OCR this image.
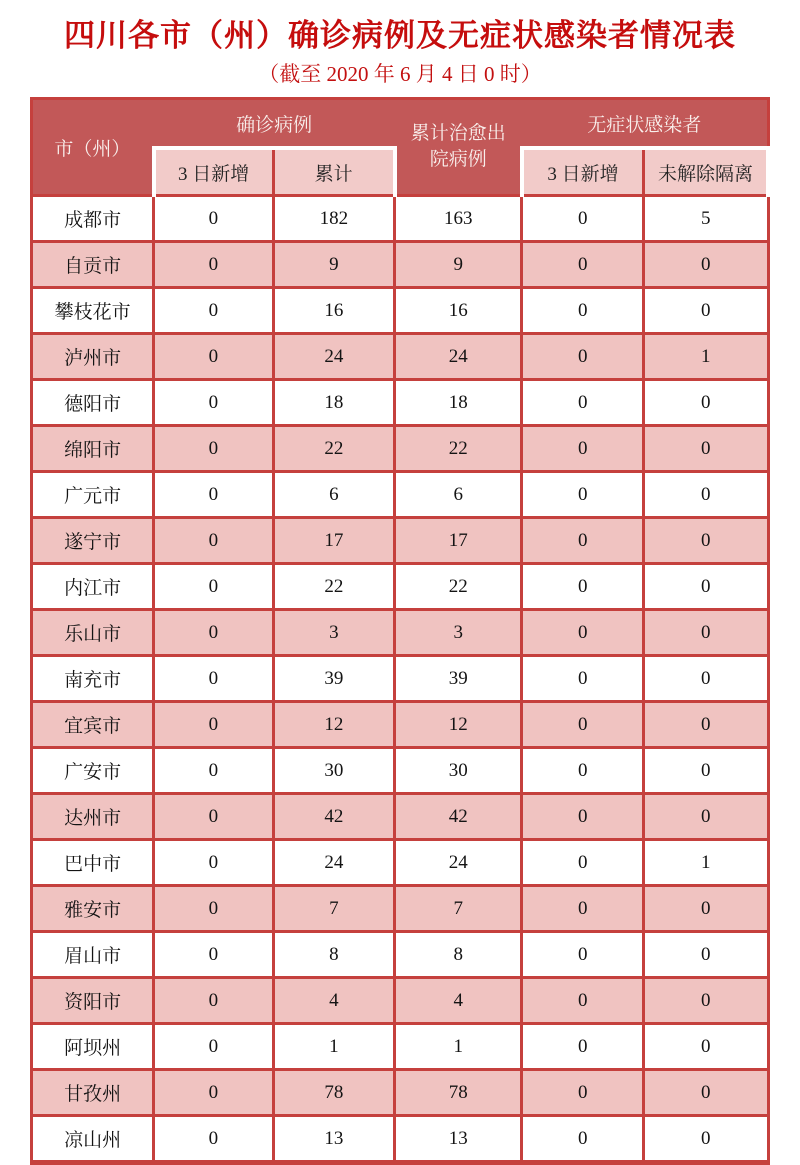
四川各市（州）确诊病例及无症状感染者情况表
（截至 2020 年 6 月 4 日 0 时）
市（州）	确诊病例		累计治愈出院病例	无症状感染者	
	3 日新增	累计		3 日新增	未解除隔离
成都市	0	182	163	0	5
自贡市	0	9	9	0	0
攀枝花市	0	16	16	0	0
泸州市	0	24	24	0	1
德阳市	0	18	18	0	0
绵阳市	0	22	22	0	0
广元市	0	6	6	0	0
遂宁市	0	17	17	0	0
内江市	0	22	22	0	0
乐山市	0	3	3	0	0
南充市	0	39	39	0	0
宜宾市	0	12	12	0	0
广安市	0	30	30	0	0
达州市	0	42	42	0	0
巴中市	0	24	24	0	1
雅安市	0	7	7	0	0
眉山市	0	8	8	0	0
资阳市	0	4	4	0	0
阿坝州	0	1	1	0	0
甘孜州	0	78	78	0	0
凉山州	0	13	13	0	0
